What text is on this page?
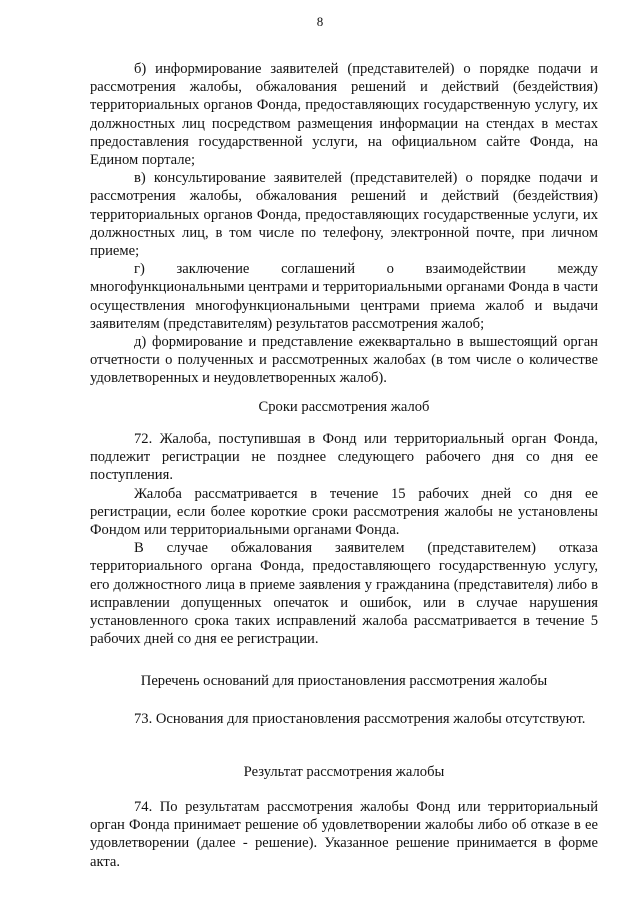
8

б) информирование заявителей (представителей) о порядке подачи и рассмотрения жалобы, обжалования решений и действий (бездействия) территориальных органов Фонда, предоставляющих государственную услугу, их должностных лиц посредством размещения информации на стендах в местах предоставления государственной услуги, на официальном сайте Фонда, на Едином портале;

в) консультирование заявителей (представителей) о порядке подачи и рассмотрения жалобы, обжалования решений и действий (бездействия) территориальных органов Фонда, предоставляющих государственные услуги, их должностных лиц, в том числе по телефону, электронной почте, при личном приеме;

г) заключение соглашений о взаимодействии между многофункциональными центрами и территориальными органами Фонда в части осуществления многофункциональными центрами приема жалоб и выдачи заявителям (представителям) результатов рассмотрения жалоб;

д) формирование и представление ежеквартально в вышестоящий орган отчетности о полученных и рассмотренных жалобах (в том числе о количестве удовлетворенных и неудовлетворенных жалоб).

Сроки рассмотрения жалоб

72. Жалоба, поступившая в Фонд или территориальный орган Фонда, подлежит регистрации не позднее следующего рабочего дня со дня ее поступления.

Жалоба рассматривается в течение 15 рабочих дней со дня ее регистрации, если более короткие сроки рассмотрения жалобы не установлены Фондом или территориальными органами Фонда.

В случае обжалования заявителем (представителем) отказа территориального органа Фонда, предоставляющего государственную услугу, его должностного лица в приеме заявления у гражданина (представителя) либо в исправлении допущенных опечаток и ошибок, или в случае нарушения установленного срока таких исправлений жалоба рассматривается в течение 5 рабочих дней со дня ее регистрации.

Перечень оснований для приостановления рассмотрения жалобы

73. Основания для приостановления рассмотрения жалобы отсутствуют.

Результат рассмотрения жалобы

74. По результатам рассмотрения жалобы Фонд или территориальный орган Фонда принимает решение об удовлетворении жалобы либо об отказе в ее удовлетворении (далее - решение). Указанное решение принимается в форме акта.
